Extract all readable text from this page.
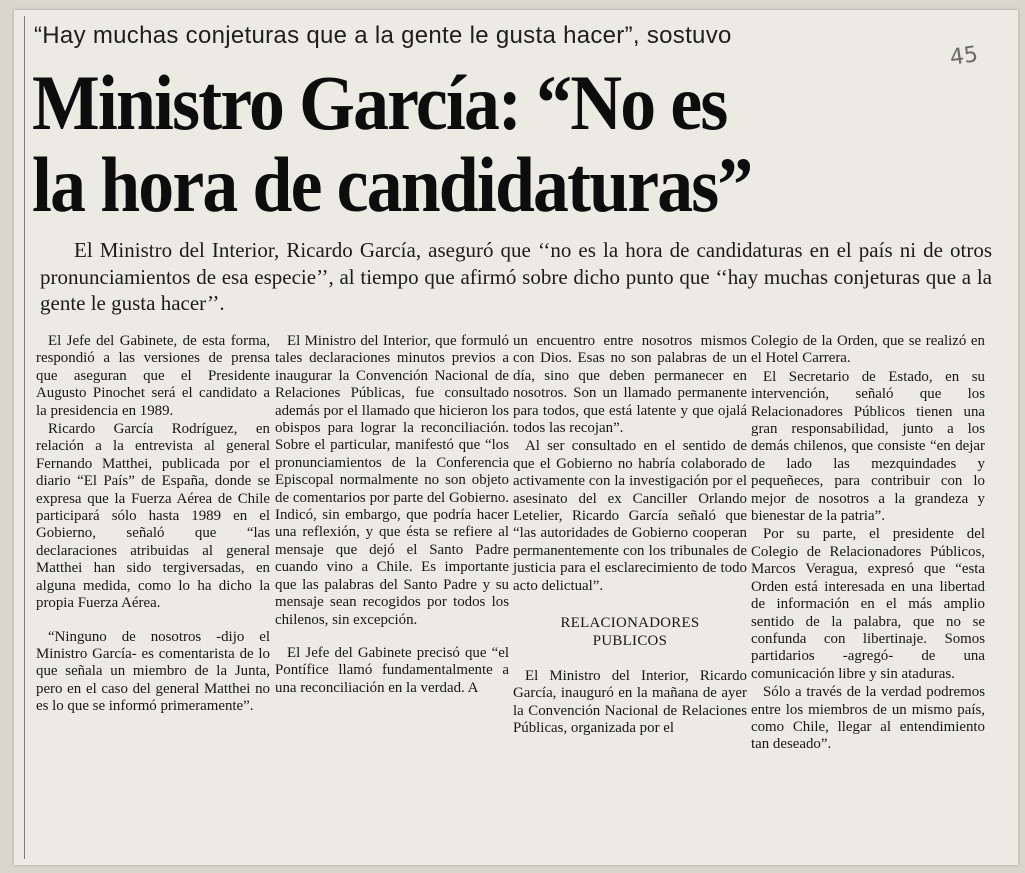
“Hay muchas conjeturas que a la gente le gusta hacer”, sostuvo
45
Ministro García: “No es
la hora de candidaturas”

El Ministro del Interior, Ricardo García, aseguró que ‘‘no es la hora de candidaturas en el país ni de otros pronunciamientos de esa especie’’, al tiempo que afirmó sobre dicho punto que ‘‘hay muchas conjeturas que a la gente le gusta hacer’’.

El Jefe del Gabinete, de esta forma, respondió a las versiones de prensa que aseguran que el Presidente Augusto Pinochet será el candidato a la presidencia en 1989.

Ricardo García Rodríguez, en relación a la entrevista al general Fernando Matthei, publicada por el diario “El País” de España, donde se expresa que la Fuerza Aérea de Chile participará sólo hasta 1989 en el Gobierno, señaló que “las declaraciones atribuidas al general Matthei han sido tergiversadas, en alguna medida, como lo ha dicho la propia Fuerza Aérea.

“Ninguno de nosotros -dijo el Ministro García- es comentarista de lo que señala un miembro de la Junta, pero en el caso del general Matthei no es lo que se informó primeramente”.

El Ministro del Interior, que formuló tales declaraciones minutos previos a inaugurar la Convención Nacional de Relaciones Públicas, fue consultado además por el llamado que hicieron los obispos para lograr la reconciliación. Sobre el particular, manifestó que “los pronunciamientos de la Conferencia Episcopal normalmente no son objeto de comentarios por parte del Gobierno. Indicó, sin embargo, que podría hacer una reflexión, y que ésta se refiere al mensaje que dejó el Santo Padre cuando vino a Chile. Es importante que las palabras del Santo Padre y su mensaje sean recogidos por todos los chilenos, sin excepción.

El Jefe del Gabinete precisó que “el Pontífice llamó fundamentalmente a una reconciliación en la verdad. A

un encuentro entre nosotros mismos con Dios. Esas no son palabras de un día, sino que deben permanecer en nosotros. Son un llamado permanente para todos, que está latente y que ojalá todos las recojan”.

Al ser consultado en el sentido de que el Gobierno no habría colaborado activamente con la investigación por el asesinato del ex Canciller Orlando Letelier, Ricardo García señaló que “las autoridades de Gobierno cooperan permanentemente con los tribunales de justicia para el esclarecimiento de todo acto delictual”.

RELACIONADORES
PUBLICOS

El Ministro del Interior, Ricardo García, inauguró en la mañana de ayer la Convención Nacional de Relaciones Públicas, organizada por el

Colegio de la Orden, que se realizó en el Hotel Carrera.

El Secretario de Estado, en su intervención, señaló que los Relacionadores Públicos tienen una gran responsabilidad, junto a los demás chilenos, que consiste “en dejar de lado las mezquindades y pequeñeces, para contribuir con lo mejor de nosotros a la grandeza y bienestar de la patria”.

Por su parte, el presidente del Colegio de Relacionadores Públicos, Marcos Veragua, expresó que “esta Orden está interesada en una libertad de información en el más amplio sentido de la palabra, que no se confunda con libertinaje. Somos partidarios -agregó- de una comunicación libre y sin ataduras.

Sólo a través de la verdad podremos entre los miembros de un mismo país, como Chile, llegar al entendimiento tan deseado”.
